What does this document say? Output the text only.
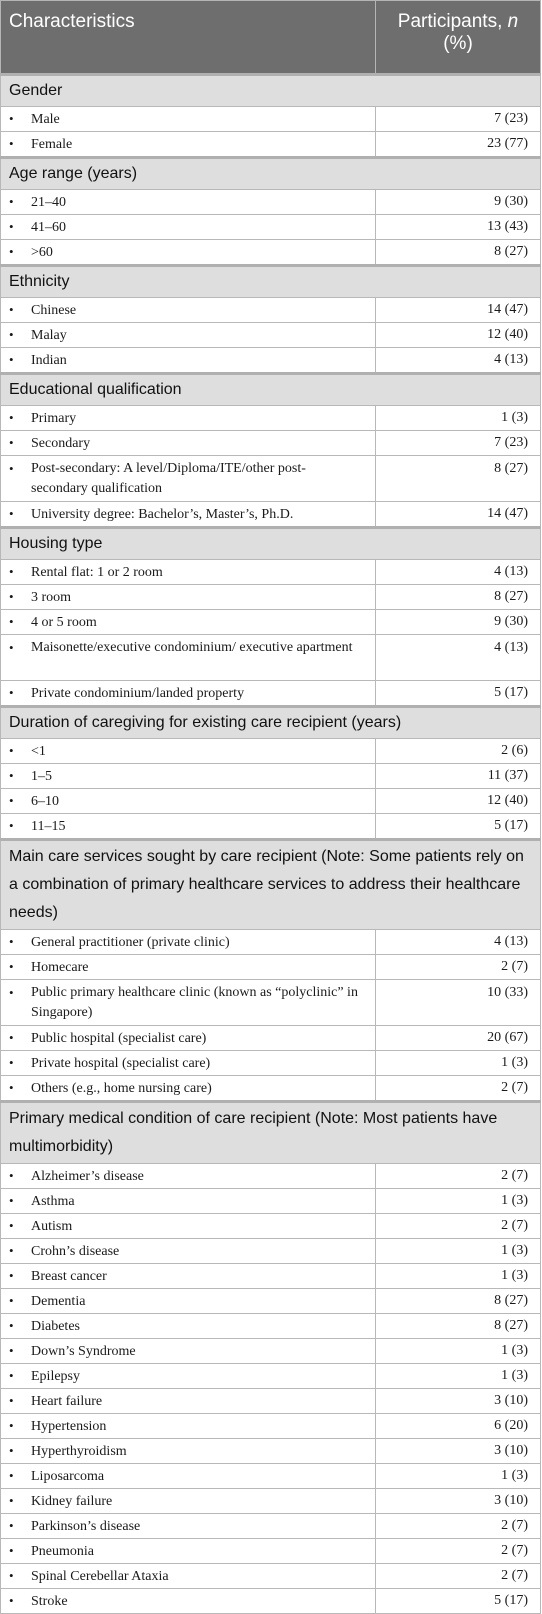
Characteristics	Participants, n
(%)
Gender	
• Male	7 (23)
• Female	23 (77)
Age range (years)	
• 21–40	9 (30)
• 41–60	13 (43)
• >60	8 (27)
Ethnicity	
• Chinese	14 (47)
• Malay	12 (40)
• Indian	4 (13)
Educational qualification	
• Primary	1 (3)
• Secondary	7 (23)
• Post-secondary: A level/Diploma/ITE/other post-secondary qualification	8 (27)
• University degree: Bachelor’s, Master’s, Ph.D.	14 (47)
Housing type	
• Rental flat: 1 or 2 room	4 (13)
• 3 room	8 (27)
• 4 or 5 room	9 (30)
• Maisonette/executive condominium/ executive apartment	4 (13)
• Private condominium/landed property	5 (17)
Duration of caregiving for existing care recipient (years)	
• <1	2 (6)
• 1–5	11 (37)
• 6–10	12 (40)
• 11–15	5 (17)
Main care services sought by care recipient (Note: Some patients rely on a combination of primary healthcare services to address their healthcare needs)	
• General practitioner (private clinic)	4 (13)
• Homecare	2 (7)
• Public primary healthcare clinic (known as “polyclinic” in Singapore)	10 (33)
• Public hospital (specialist care)	20 (67)
• Private hospital (specialist care)	1 (3)
• Others (e.g., home nursing care)	2 (7)
Primary medical condition of care recipient (Note: Most patients have multimorbidity)	
• Alzheimer’s disease	2 (7)
• Asthma	1 (3)
• Autism	2 (7)
• Crohn’s disease	1 (3)
• Breast cancer	1 (3)
• Dementia	8 (27)
• Diabetes	8 (27)
• Down’s Syndrome	1 (3)
• Epilepsy	1 (3)
• Heart failure	3 (10)
• Hypertension	6 (20)
• Hyperthyroidism	3 (10)
• Liposarcoma	1 (3)
• Kidney failure	3 (10)
• Parkinson’s disease	2 (7)
• Pneumonia	2 (7)
• Spinal Cerebellar Ataxia	2 (7)
• Stroke	5 (17)
